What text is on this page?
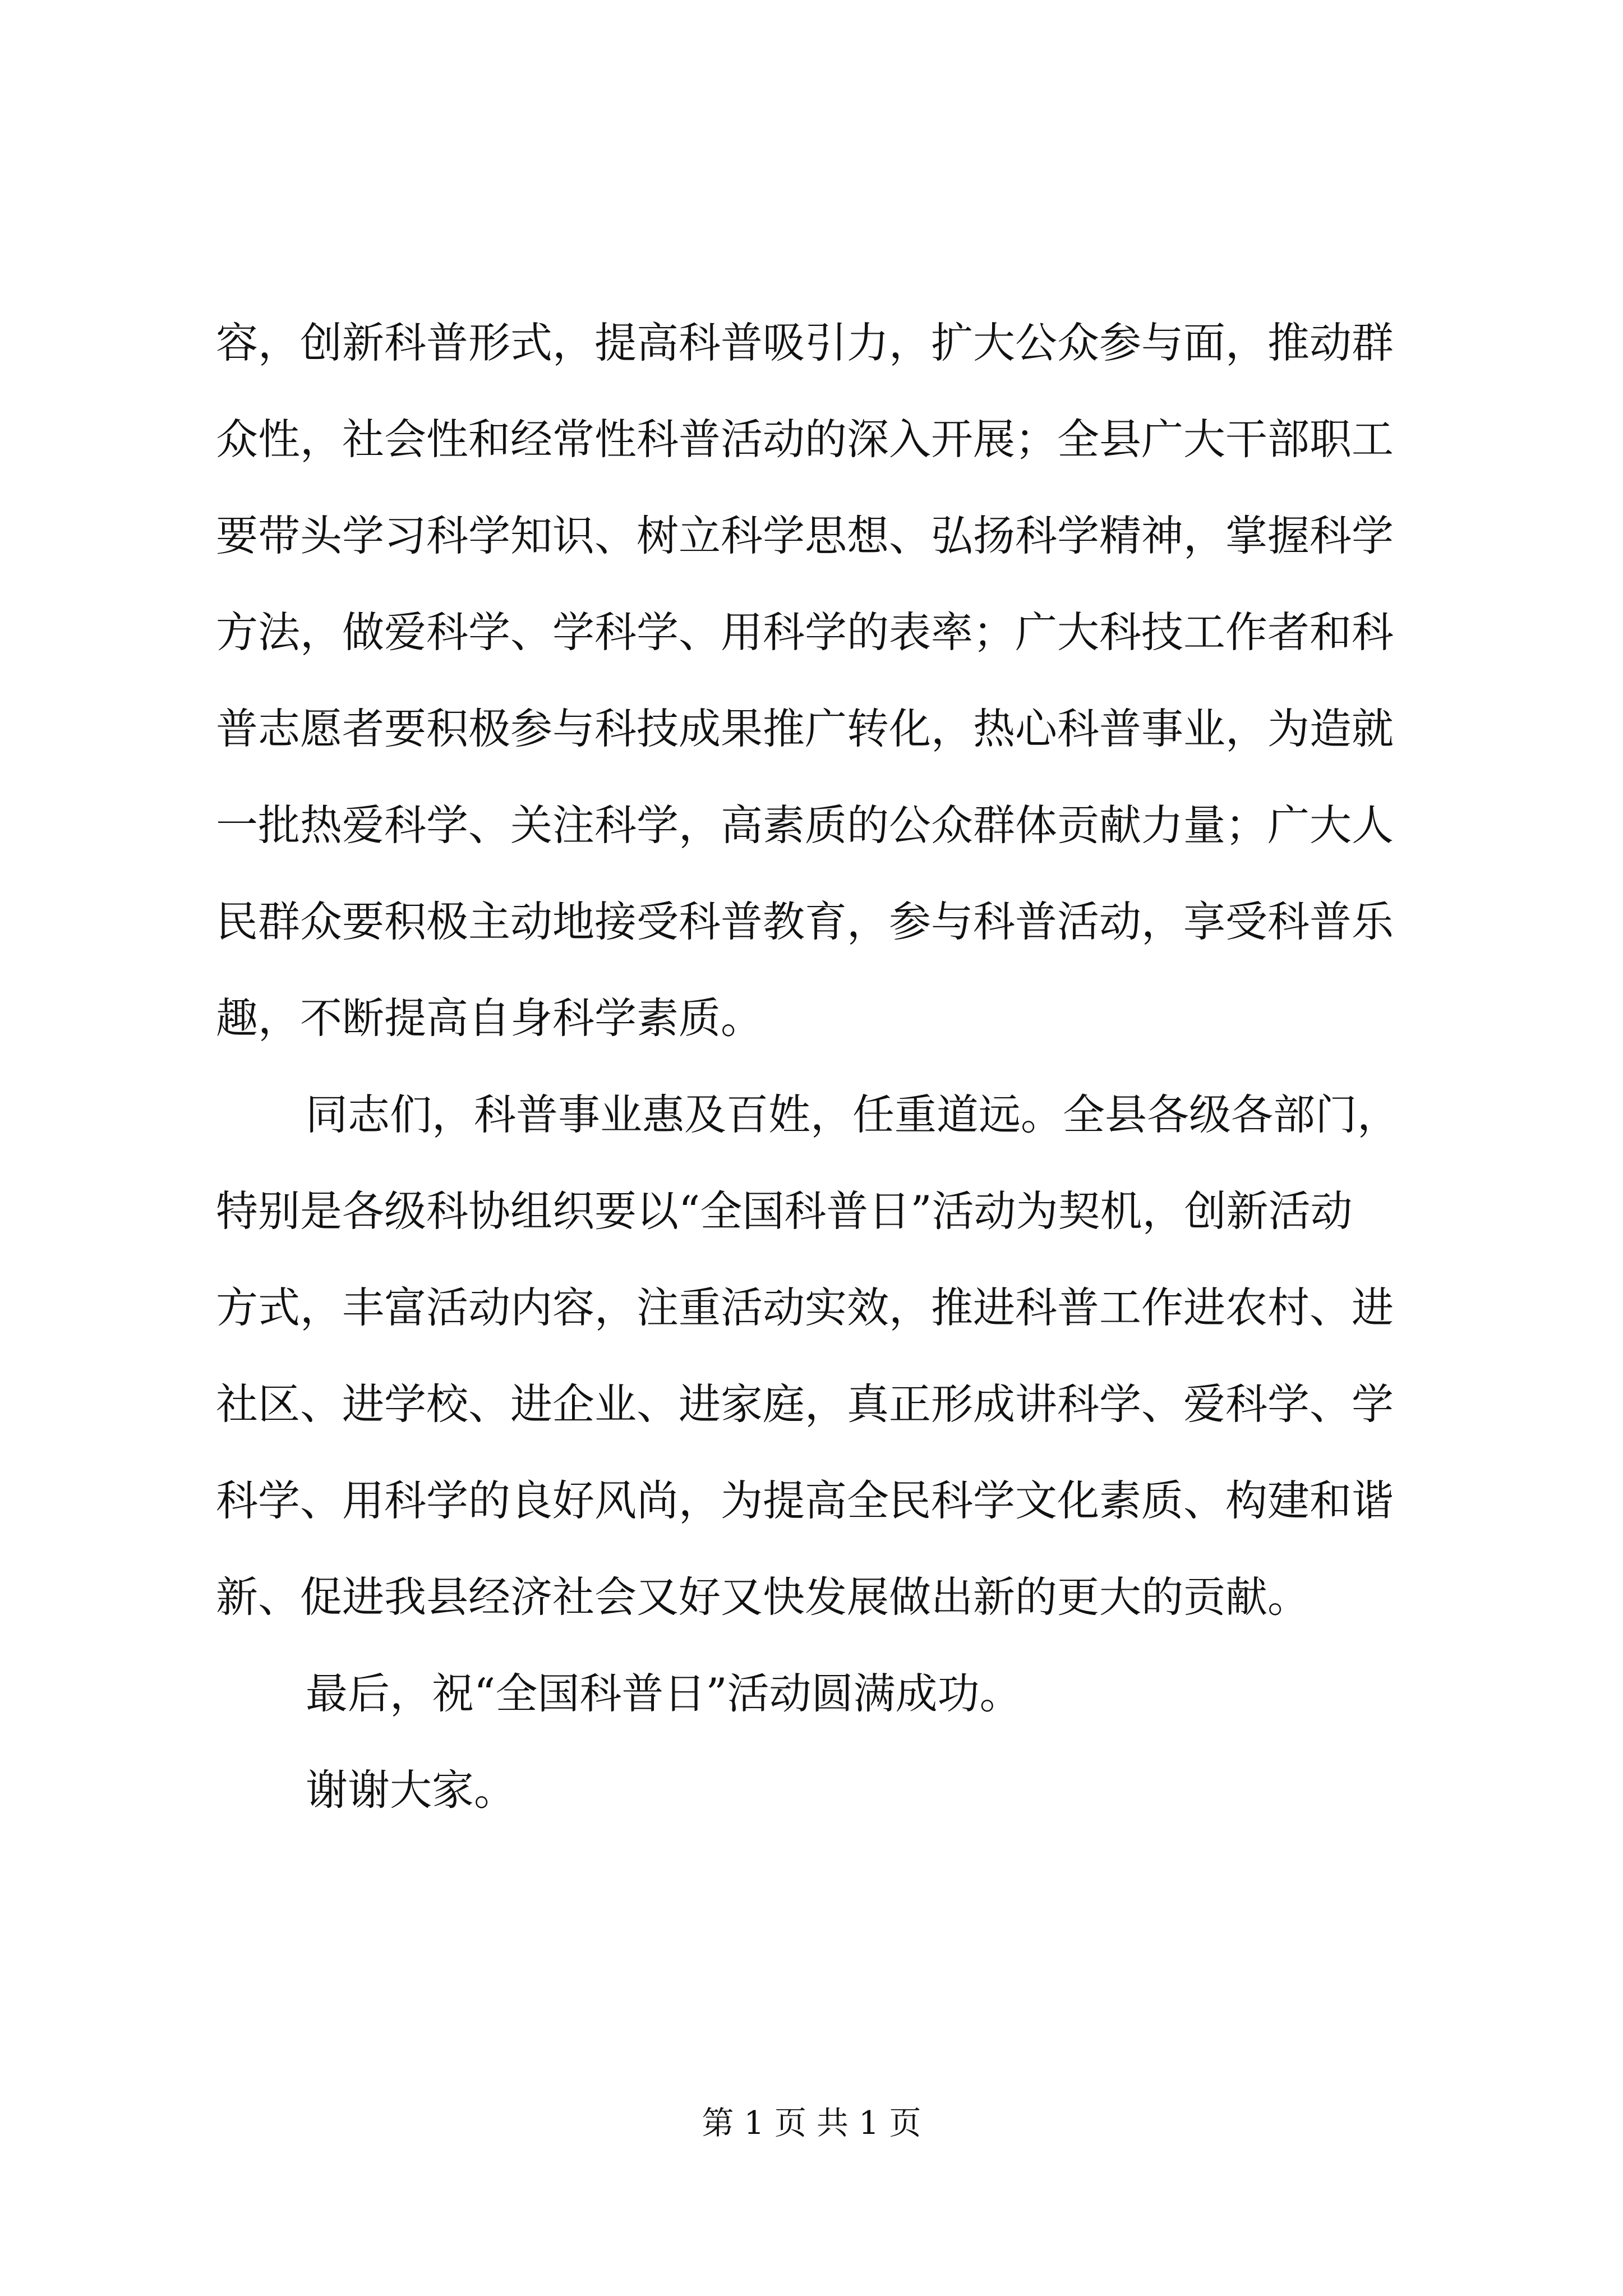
容，创新科普形式，提高科普吸引力，扩大公众参与面，推动群
众性，社会性和经常性科普活动的深入开展；全县广大干部职工
要带头学习科学知识、树立科学思想、弘扬科学精神，掌握科学
方法，做爱科学、学科学、用科学的表率；广大科技工作者和科
普志愿者要积极参与科技成果推广转化，热心科普事业，为造就
一批热爱科学、关注科学，高素质的公众群体贡献力量；广大人
民群众要积极主动地接受科普教育，参与科普活动，享受科普乐
趣，不断提高自身科学素质。
同志们，科普事业惠及百姓，任重道远。全县各级各部门，
特别是各级科协组织要以“全国科普日”活动为契机，创新活动
方式，丰富活动内容，注重活动实效，推进科普工作进农村、进
社区、进学校、进企业、进家庭，真正形成讲科学、爱科学、学
科学、用科学的良好风尚，为提高全民科学文化素质、构建和谐
新、促进我县经济社会又好又快发展做出新的更大的贡献。
最后，祝“全国科普日”活动圆满成功。
谢谢大家。
第 1 页 共 1 页
